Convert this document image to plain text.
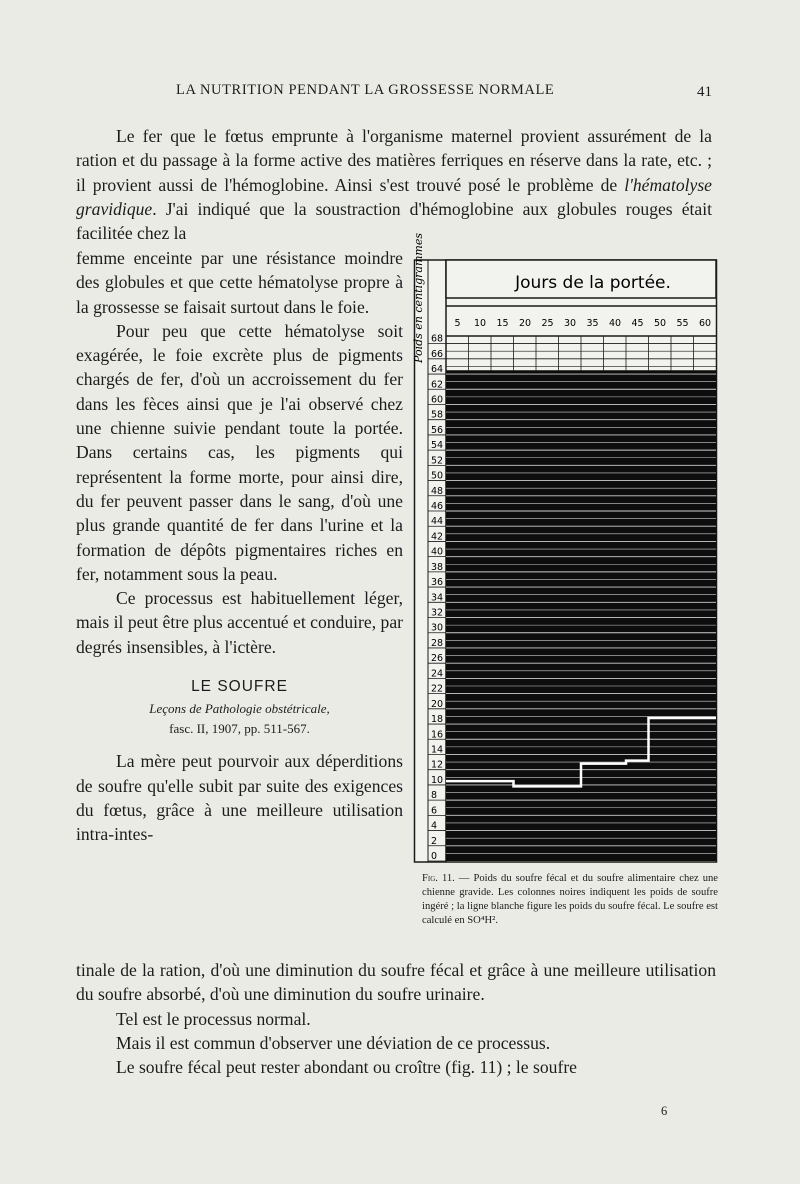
LA NUTRITION PENDANT LA GROSSESSE NORMALE	41

Le fer que le fœtus emprunte à l'organisme maternel provient assurément de la ration et du passage à la forme active des matières ferriques en réserve dans la rate, etc. ; il provient aussi de l'hémoglobine. Ainsi s'est trouvé posé le problème de l'hématolyse gravidique. J'ai indiqué que la soustraction d'hémoglobine aux globules rouges était facilitée chez la

femme enceinte par une résistance moindre des globules et que cette hématolyse propre à la grossesse se faisait surtout dans le foie.

Pour peu que cette hématolyse soit exagérée, le foie excrète plus de pigments chargés de fer, d'où un accroissement du fer dans les fèces ainsi que je l'ai observé chez une chienne suivie pendant toute la portée. Dans certains cas, les pigments qui représentent la forme morte, pour ainsi dire, du fer peuvent passer dans le sang, d'où une plus grande quantité de fer dans l'urine et la formation de dépôts pigmentaires riches en fer, notamment sous la peau.

Ce processus est habituellement léger, mais il peut être plus accentué et conduire, par degrés insensibles, à l'ictère.

LE SOUFRE

Leçons de Pathologie obstétricale,

fasc. II, 1907, pp. 511-567.

La mère peut pourvoir aux déperditions de soufre qu'elle subit par suite des exigences du fœtus, grâce à une meilleure utilisation intra-intes-

Poids en centigrammes	Jours de la portée.
5 10 15 20 25 30 35 40 45 50 55 60
0
2
4
6
8
10
12
14
16
18
20
22
24
26
28
30
32
34
36
38
40
42
44
46
48
50
52
54
56
58
60
62
64
66
68
Fig. 11. — Poids du soufre fécal et du soufre alimentaire chez une chienne gravide. Les colonnes noires indiquent les poids de soufre ingéré ; la ligne blanche figure les poids du soufre fécal. Le soufre est calculé en SO⁴H².

tinale de la ration, d'où une diminution du soufre fécal et grâce à une meilleure utilisation du soufre absorbé, d'où une diminution du soufre urinaire.

Tel est le processus normal.

Mais il est commun d'observer une déviation de ce processus.

Le soufre fécal peut rester abondant ou croître (fig. 11) ; le soufre

6
